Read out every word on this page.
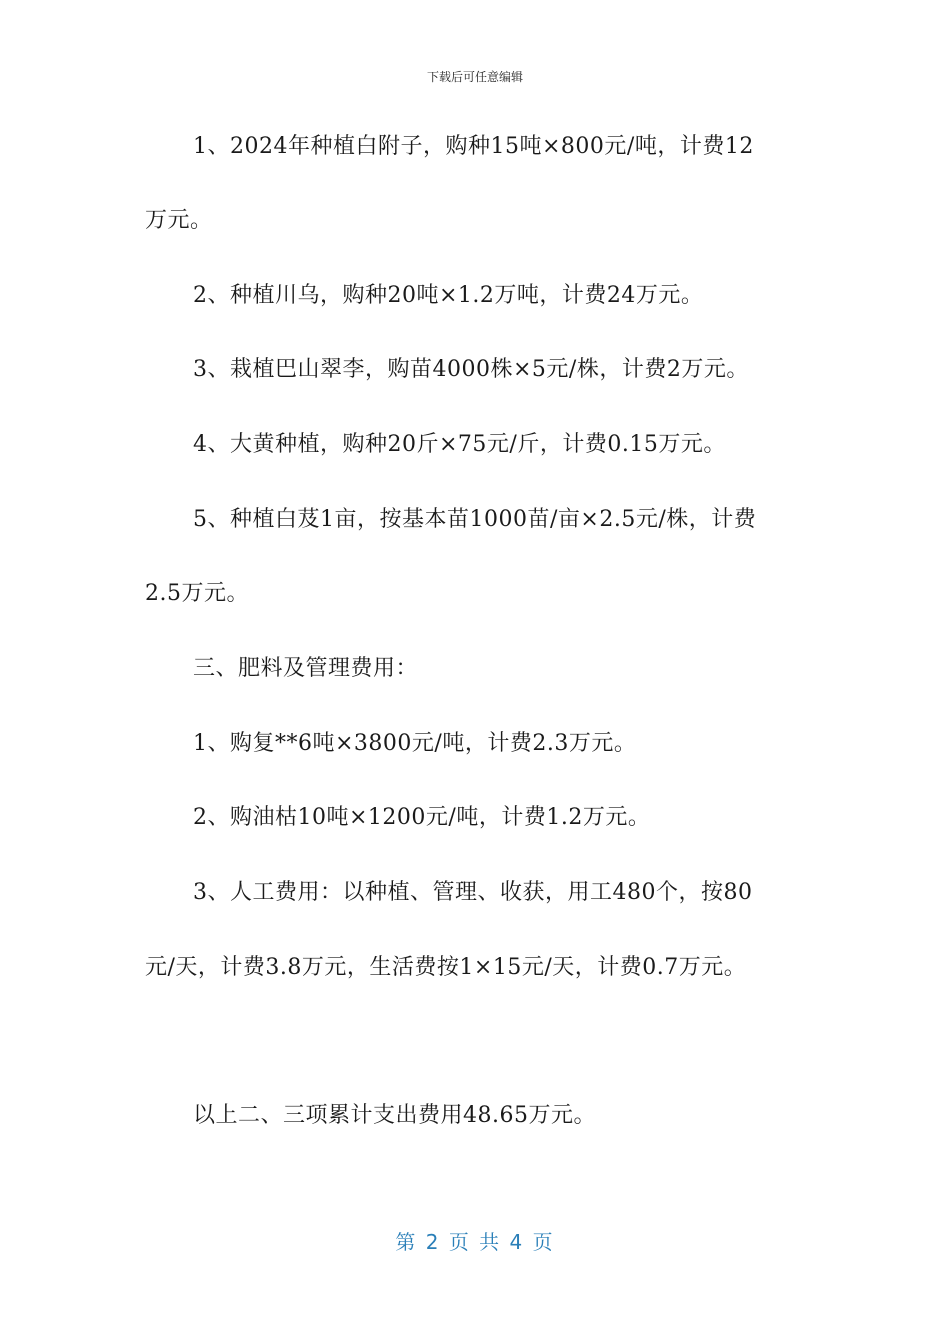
下载后可任意编辑
1、2024年种植白附子，购种15吨×800元/吨，计费12
万元。
2、种植川乌，购种20吨×1.2万吨，计费24万元。
3、栽植巴山翠李，购苗4000株×5元/株，计费2万元。
4、大黄种植，购种20斤×75元/斤，计费0.15万元。
5、种植白芨1亩，按基本苗1000苗/亩×2.5元/株，计费
2.5万元。
三、肥料及管理费用：
1、购复**6吨×3800元/吨，计费2.3万元。
2、购油枯10吨×1200元/吨，计费1.2万元。
3、人工费用：以种植、管理、收获，用工480个，按80
元/天，计费3.8万元，生活费按1×15元/天，计费0.7万元。
以上二、三项累计支出费用48.65万元。
第 2 页 共 4 页
